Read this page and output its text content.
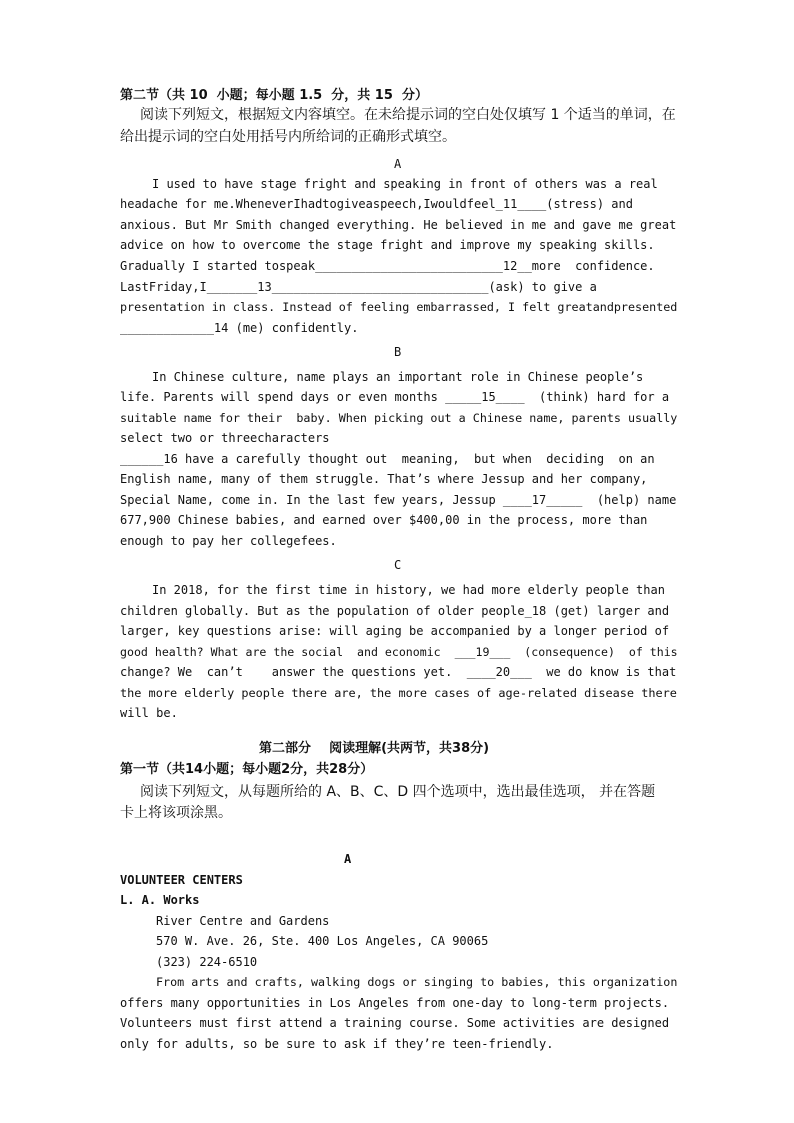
第二节（共 10  小题；每小题 1.5  分，共 15  分）
阅读下列短文，根据短文内容填空。在未给提示词的空白处仅填写 1 个适当的单词，在
给出提示词的空白处用括号内所给词的正确形式填空。
A
I used to have stage fright and speaking in front of others was a real
headache for me.WheneverIhadtogiveaspeech,Iwouldfeel_11____(stress) and
anxious. But Mr Smith changed everything. He believed in me and gave me great
advice on how to overcome the stage fright and improve my speaking skills.
Gradually I started tospeak__________________________12__more  confidence.
LastFriday,I_______13______________________________(ask) to give a
presentation in class. Instead of feeling embarrassed, I felt greatandpresented
_____________14 (me) confidently.
B
In Chinese culture, name plays an important role in Chinese people’s
life. Parents will spend days or even months _____15____  (think) hard for a
suitable name for their  baby. When picking out a Chinese name, parents usually
select two or threecharacters
______16 have a carefully thought out  meaning,  but when  deciding  on an
English name, many of them struggle. That’s where Jessup and her company,
Special Name, come in. In the last few years, Jessup ____17_____  (help) name
677,900 Chinese babies, and earned over $400,00 in the process, more than
enough to pay her collegefees.
C
In 2018, for the first time in history, we had more elderly people than
children globally. But as the population of older people_18 (get) larger and
larger, key questions arise: will aging be accompanied by a longer period of
good health? What are the social  and economic  ___19___  (consequence)  of this
change? We  can’t    answer the questions yet.  ____20___  we do know is that
the more elderly people there are, the more cases of age-related disease there
will be.
第二部分    阅读理解(共两节，共38分)
第一节（共14小题；每小题2分，共28分）
阅读下列短文，从每题所给的 A、B、C、D 四个选项中，选出最佳选项， 并在答题
卡上将该项涂黑。
A
VOLUNTEER CENTERS
L. A. Works
River Centre and Gardens
570 W. Ave. 26, Ste. 400 Los Angeles, CA 90065
(323) 224-6510
From arts and crafts, walking dogs or singing to babies, this organization
offers many opportunities in Los Angeles from one-day to long-term projects.
Volunteers must first attend a training course. Some activities are designed
only for adults, so be sure to ask if they’re teen-friendly.
